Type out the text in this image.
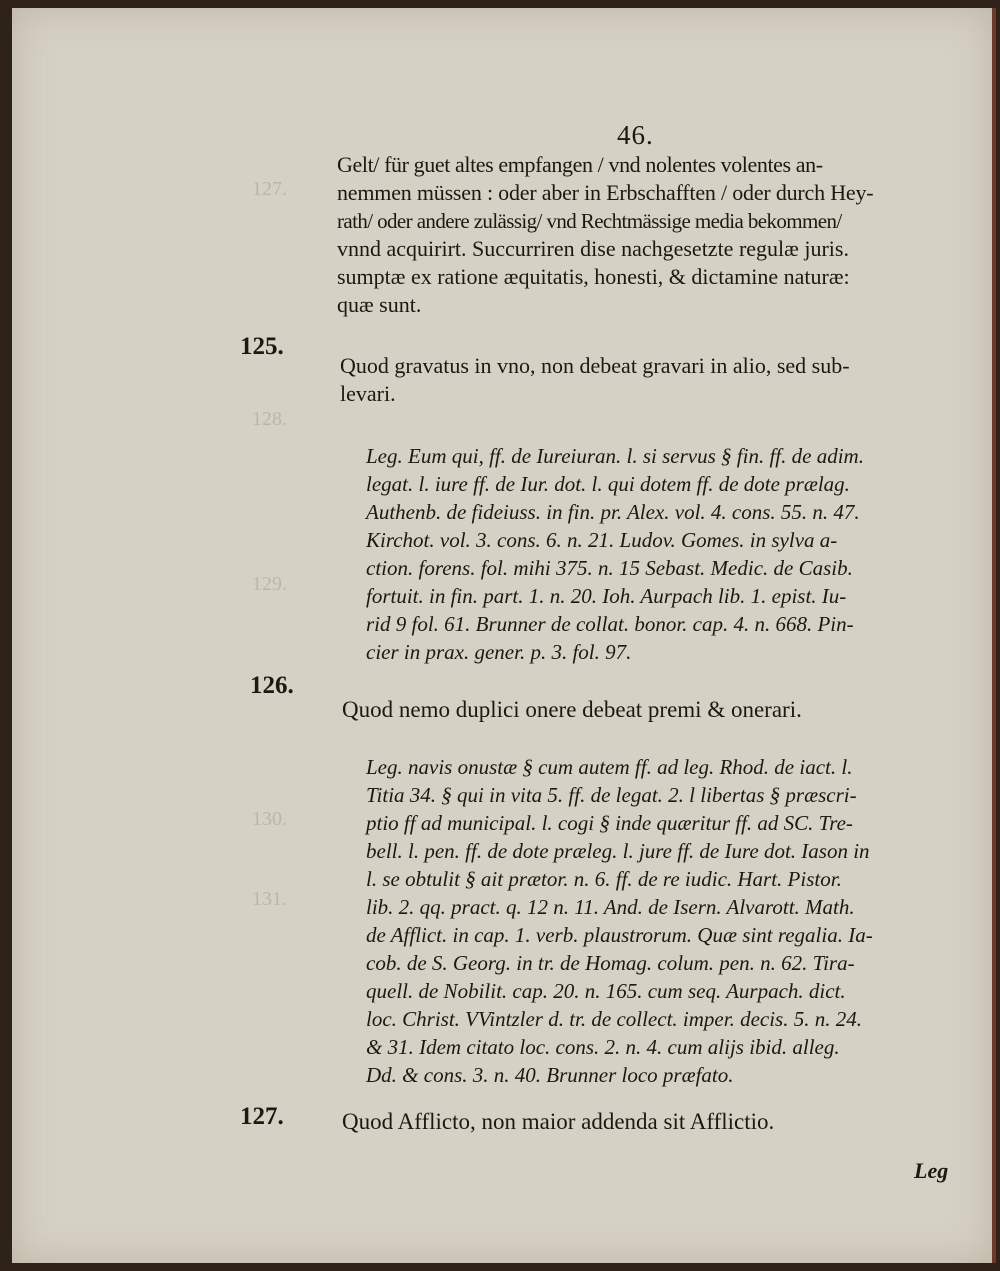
127.
128.
129.
130.
131.
46.
Gelt/ für guet altes empfangen / vnd nolentes volentes an-
nemmen müssen : oder aber in Erbschafften / oder durch Hey-
rath/ oder andere zulässig/ vnd Rechtmässige media bekommen/
vnnd acquirirt. Succurriren dise nachgesetzte regulæ juris.
sumptæ ex ratione æquitatis, honesti, & dictamine naturæ:
quæ sunt.
125.
Quod gravatus in vno, non debeat gravari in alio, sed sub-
levari.
Leg. Eum qui, ff. de Iureiuran. l. si servus § fin. ff. de adim.
legat. l. iure ff. de Iur. dot. l. qui dotem ff. de dote prælag.
Authenb. de fideiuss. in fin. pr. Alex. vol. 4. cons. 55. n. 47.
Kirchot. vol. 3. cons. 6. n. 21. Ludov. Gomes. in sylva a-
ction. forens. fol. mihi 375. n. 15 Sebast. Medic. de Casib.
fortuit. in fin. part. 1. n. 20. Ioh. Aurpach lib. 1. epist. Iu-
rid 9 fol. 61. Brunner de collat. bonor. cap. 4. n. 668. Pin-
cier in prax. gener. p. 3. fol. 97.
126.
Quod nemo duplici onere debeat premi & onerari.
Leg. navis onustæ § cum autem ff. ad leg. Rhod. de iact. l.
Titia 34. § qui in vita 5. ff. de legat. 2. l libertas § præscri-
ptio ff ad municipal. l. cogi § inde quæritur ff. ad SC. Tre-
bell. l. pen. ff. de dote præleg. l. jure ff. de Iure dot. Iason in
l. se obtulit § ait prætor. n. 6. ff. de re iudic. Hart. Pistor.
lib. 2. qq. pract. q. 12 n. 11. And. de Isern. Alvarott. Math.
de Afflict. in cap. 1. verb. plaustrorum. Quæ sint regalia. Ia-
cob. de S. Georg. in tr. de Homag. colum. pen. n. 62. Tira-
quell. de Nobilit. cap. 20. n. 165. cum seq. Aurpach. dict.
loc. Christ. VVintzler d. tr. de collect. imper. decis. 5. n. 24.
& 31. Idem citato loc. cons. 2. n. 4. cum alijs ibid. alleg.
Dd. & cons. 3. n. 40. Brunner loco præfato.
127.	Quod Afflicto, non maior addenda sit Afflictio.
Leg
